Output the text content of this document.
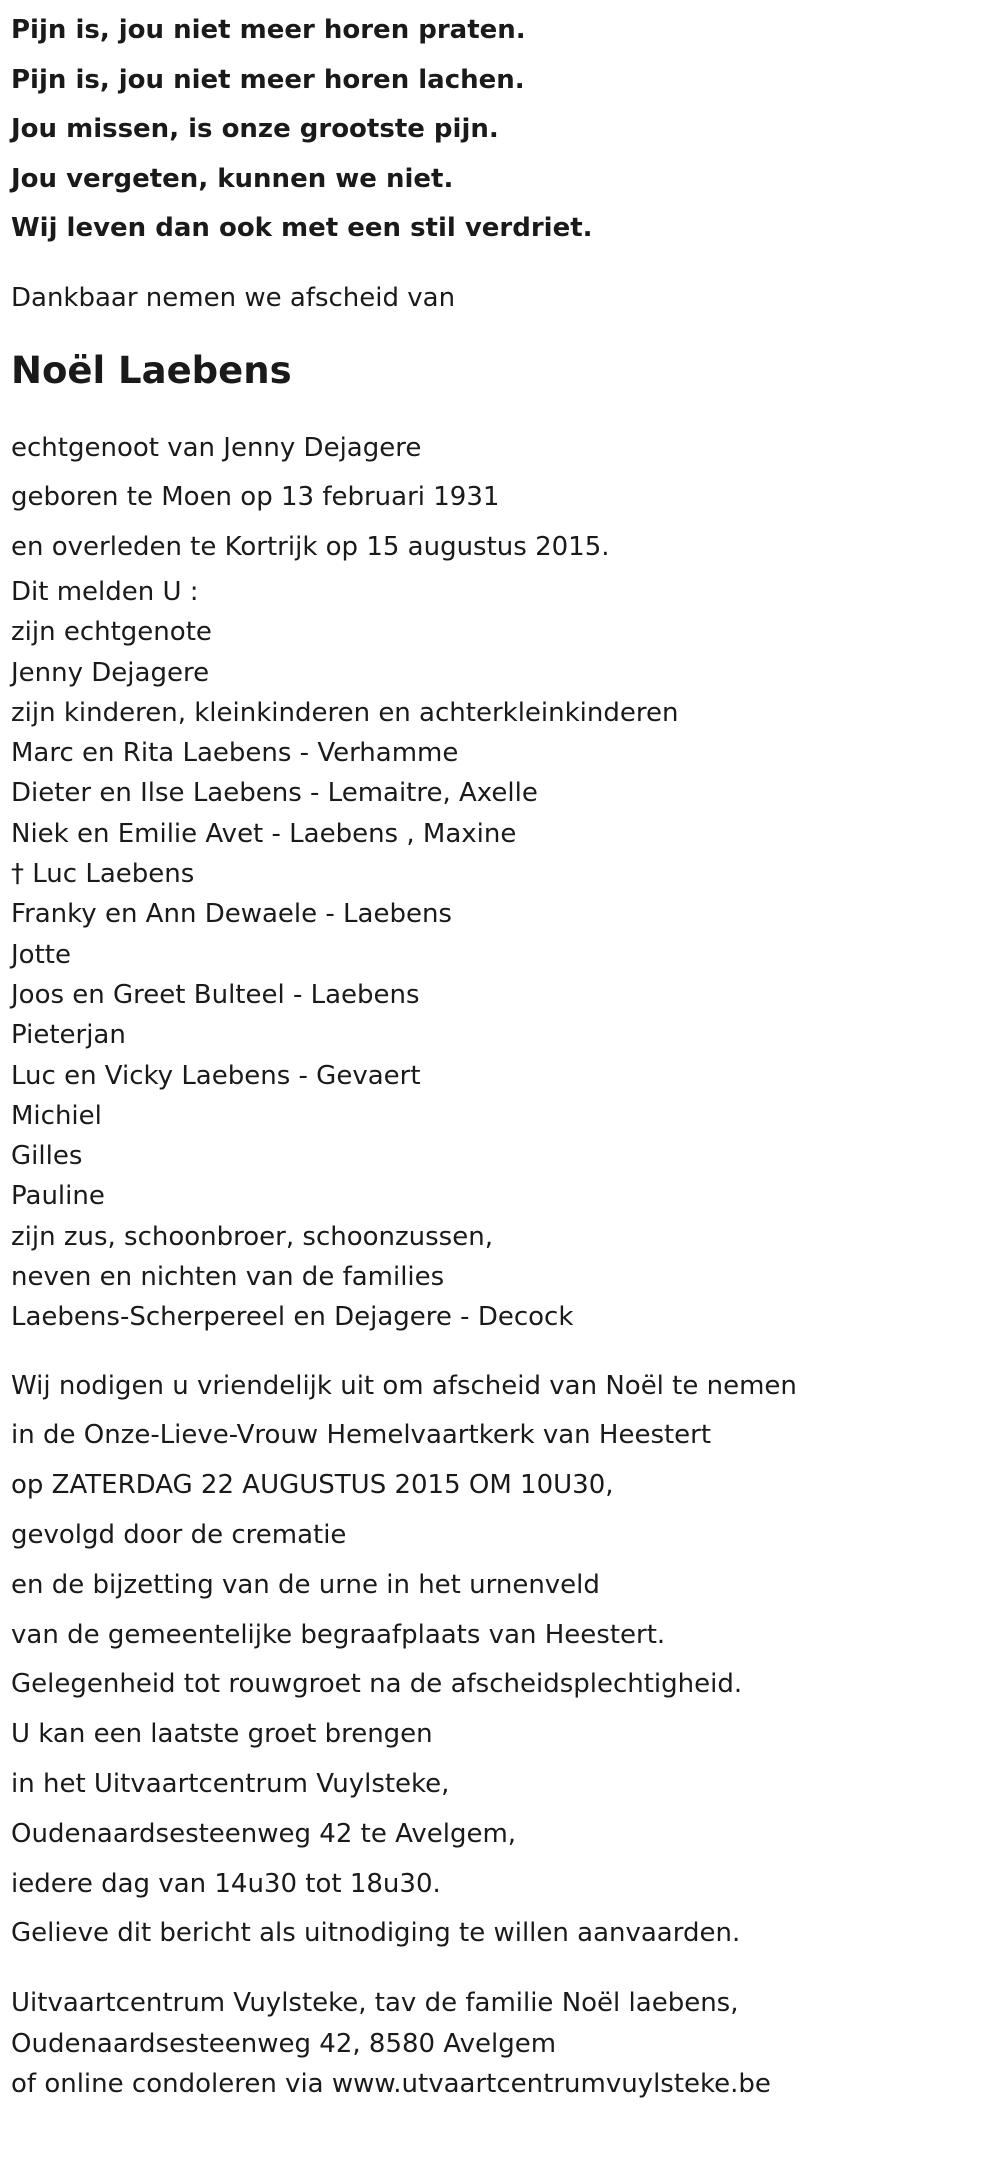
Pijn is, jou niet meer horen praten.
Pijn is, jou niet meer horen lachen.
Jou missen, is onze grootste pijn.
Jou vergeten, kunnen we niet.
Wij leven dan ook met een stil verdriet.
Dankbaar nemen we afscheid van
Noël Laebens
echtgenoot van Jenny Dejagere
geboren te Moen op 13 februari 1931
en overleden te Kortrijk op 15 augustus 2015.
Dit melden U :
zijn echtgenote
Jenny Dejagere
zijn kinderen, kleinkinderen en achterkleinkinderen
Marc en Rita Laebens - Verhamme
Dieter en Ilse Laebens - Lemaitre, Axelle
Niek en Emilie Avet - Laebens , Maxine
† Luc Laebens
Franky en Ann Dewaele - Laebens
Jotte
Joos en Greet Bulteel - Laebens
Pieterjan
Luc en Vicky Laebens - Gevaert
Michiel
Gilles
Pauline
zijn zus, schoonbroer, schoonzussen,
neven en nichten van de families
Laebens-Scherpereel en Dejagere - Decock
Wij nodigen u vriendelijk uit om afscheid van Noël te nemen
in de Onze-Lieve-Vrouw Hemelvaartkerk van Heestert
op ZATERDAG 22 AUGUSTUS 2015 OM 10U30,
gevolgd door de crematie
en de bijzetting van de urne in het urnenveld
van de gemeentelijke begraafplaats van Heestert.
Gelegenheid tot rouwgroet na de afscheidsplechtigheid.
U kan een laatste groet brengen
in het Uitvaartcentrum Vuylsteke,
Oudenaardsesteenweg 42 te Avelgem,
iedere dag van 14u30 tot 18u30.
Gelieve dit bericht als uitnodiging te willen aanvaarden.
Uitvaartcentrum Vuylsteke, tav de familie Noël laebens,
Oudenaardsesteenweg 42, 8580 Avelgem
of online condoleren via www.utvaartcentrumvuylsteke.be
